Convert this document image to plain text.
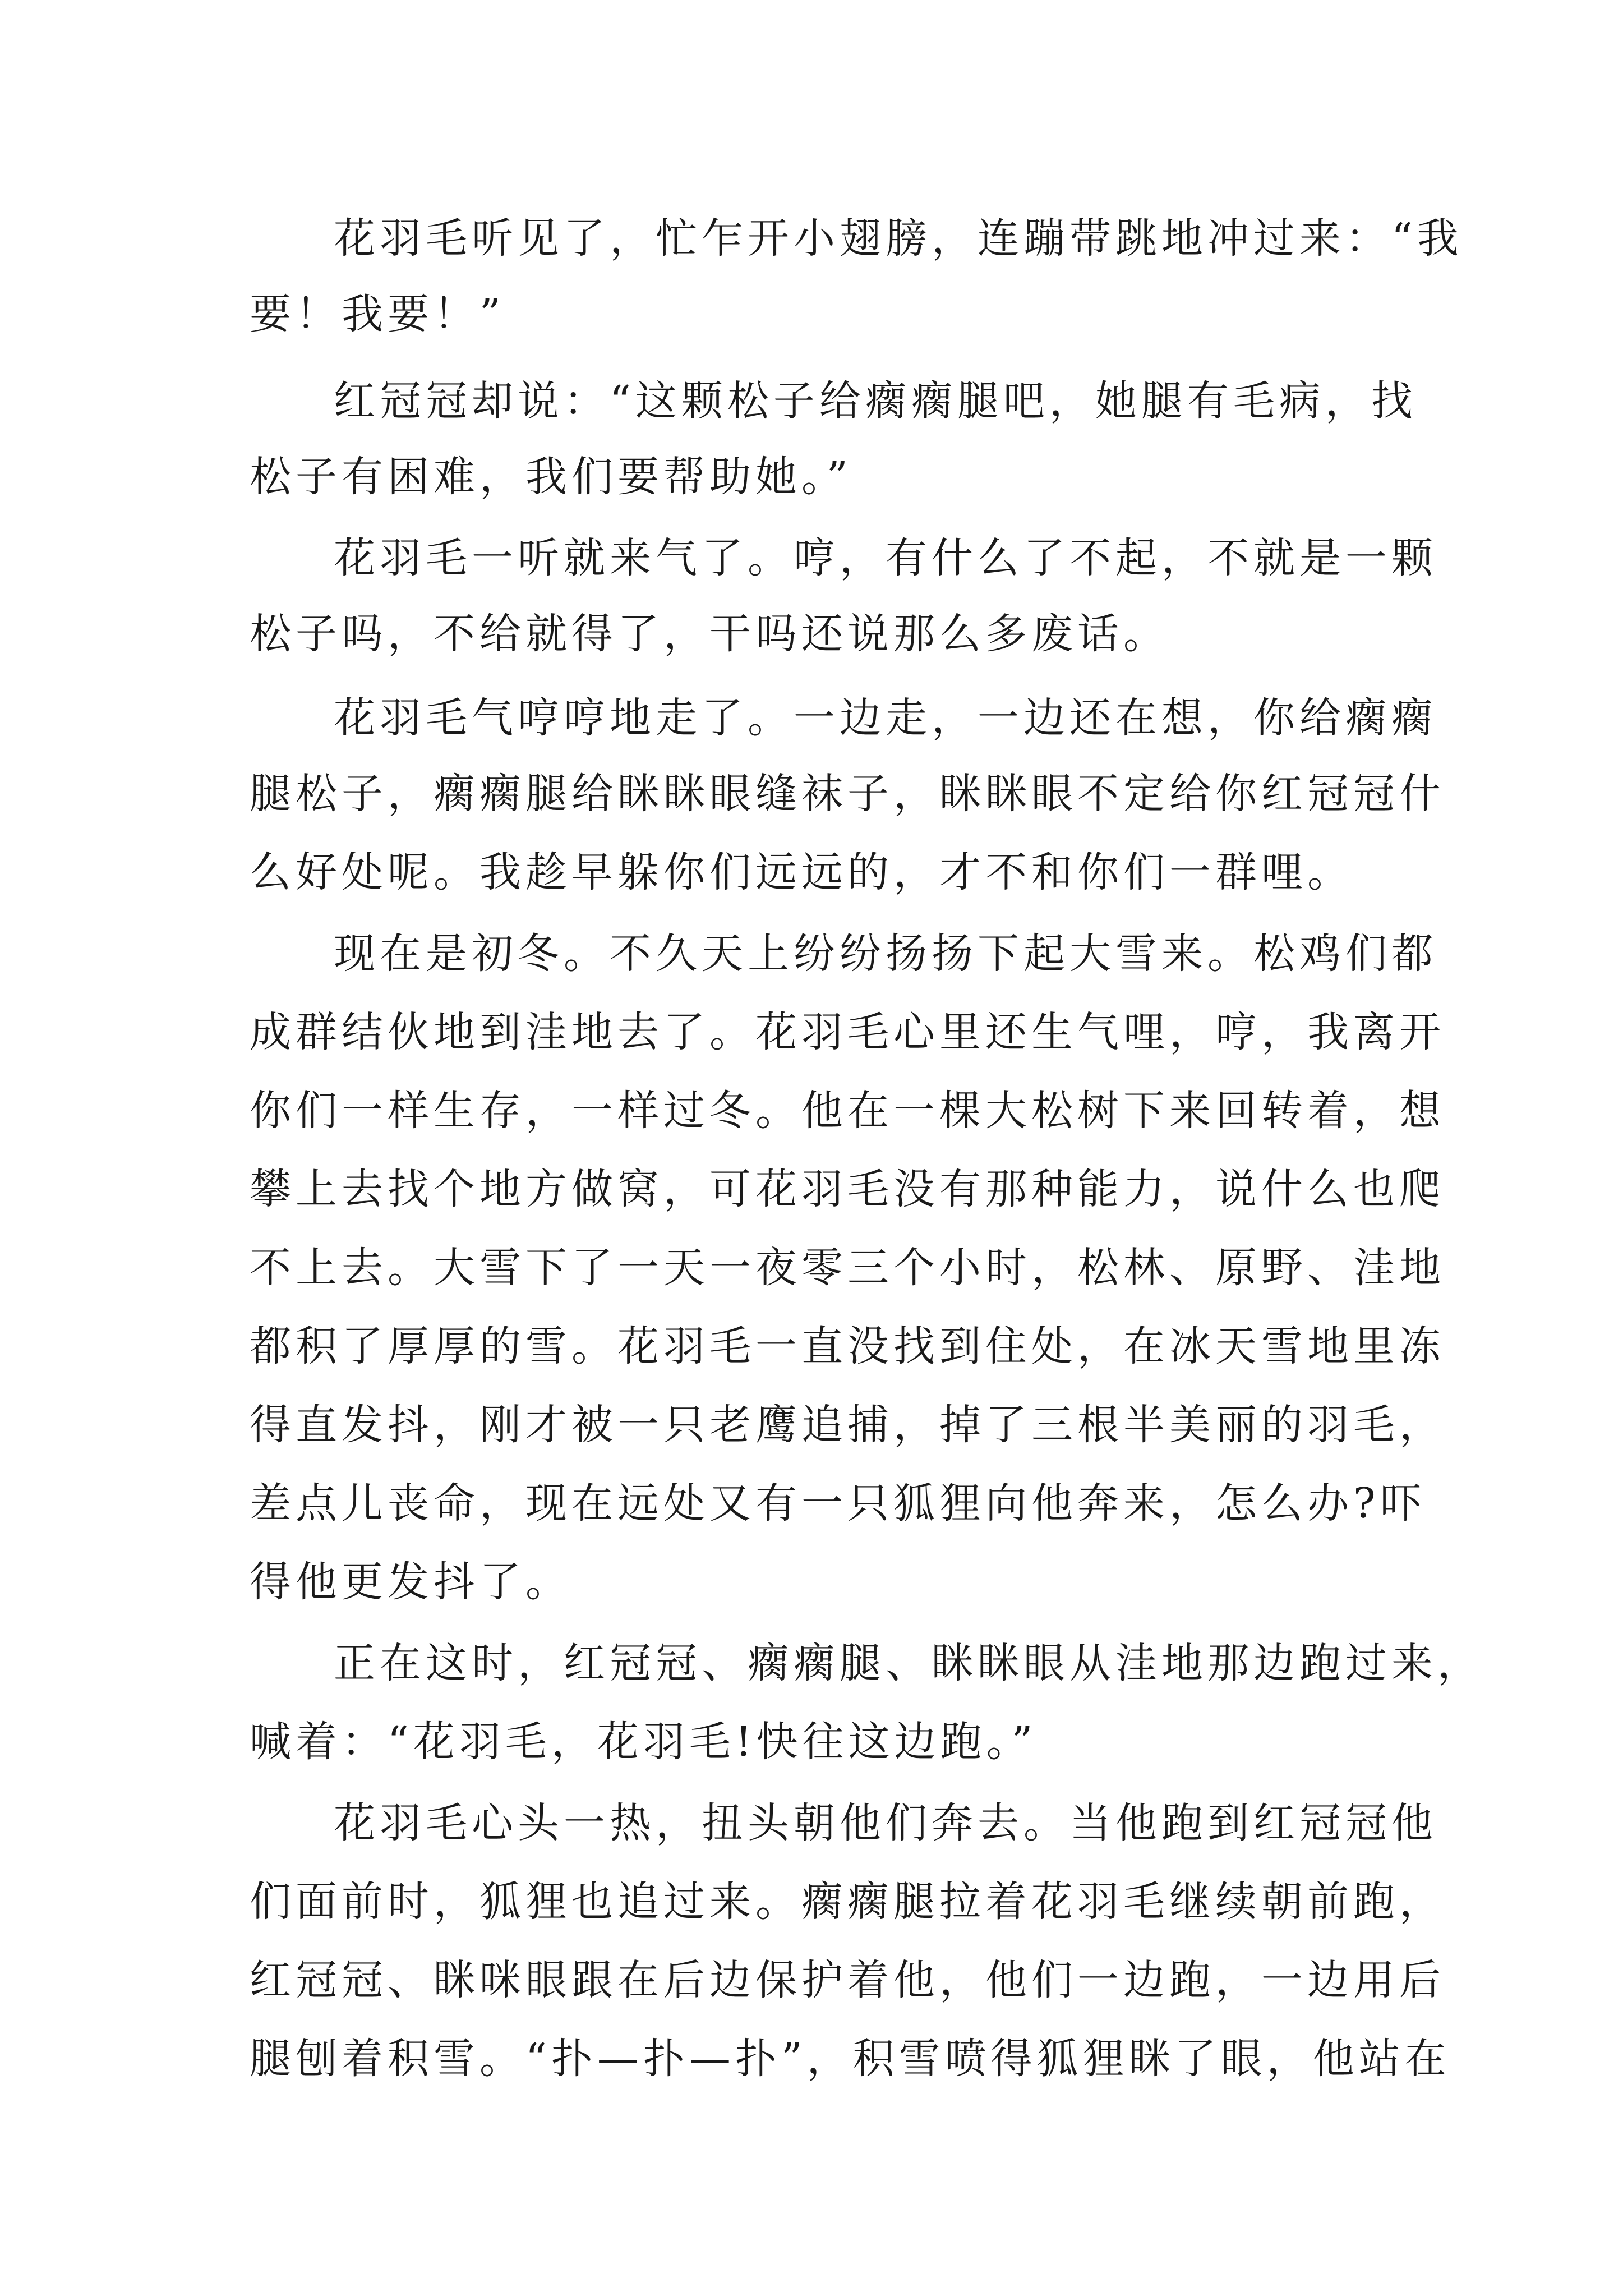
花羽毛听见了，忙乍开小翅膀，连蹦带跳地冲过来：“我
要！我要！”
红冠冠却说：“这颗松子给瘸瘸腿吧，她腿有毛病，找
松子有困难，我们要帮助她。”
花羽毛一听就来气了。哼，有什么了不起，不就是一颗
松子吗，不给就得了，干吗还说那么多废话。
花羽毛气哼哼地走了。一边走，一边还在想，你给瘸瘸
腿松子，瘸瘸腿给眯眯眼缝袜子，眯眯眼不定给你红冠冠什
么好处呢。我趁早躲你们远远的，才不和你们一群哩。
现在是初冬。不久天上纷纷扬扬下起大雪来。松鸡们都
成群结伙地到洼地去了。花羽毛心里还生气哩，哼，我离开
你们一样生存，一样过冬。他在一棵大松树下来回转着，想
攀上去找个地方做窝，可花羽毛没有那种能力，说什么也爬
不上去。大雪下了一天一夜零三个小时，松林、原野、洼地
都积了厚厚的雪。花羽毛一直没找到住处，在冰天雪地里冻
得直发抖，刚才被一只老鹰追捕，掉了三根半美丽的羽毛，
差点儿丧命，现在远处又有一只狐狸向他奔来，怎么办?吓
得他更发抖了。
正在这时，红冠冠、瘸瘸腿、眯眯眼从洼地那边跑过来，
喊着：“花羽毛，花羽毛!快往这边跑。”
花羽毛心头一热，扭头朝他们奔去。当他跑到红冠冠他
们面前时，狐狸也追过来。瘸瘸腿拉着花羽毛继续朝前跑，
红冠冠、眯咪眼跟在后边保护着他，他们一边跑，一边用后
腿刨着积雪。“扑—扑—扑”，积雪喷得狐狸眯了眼，他站在
